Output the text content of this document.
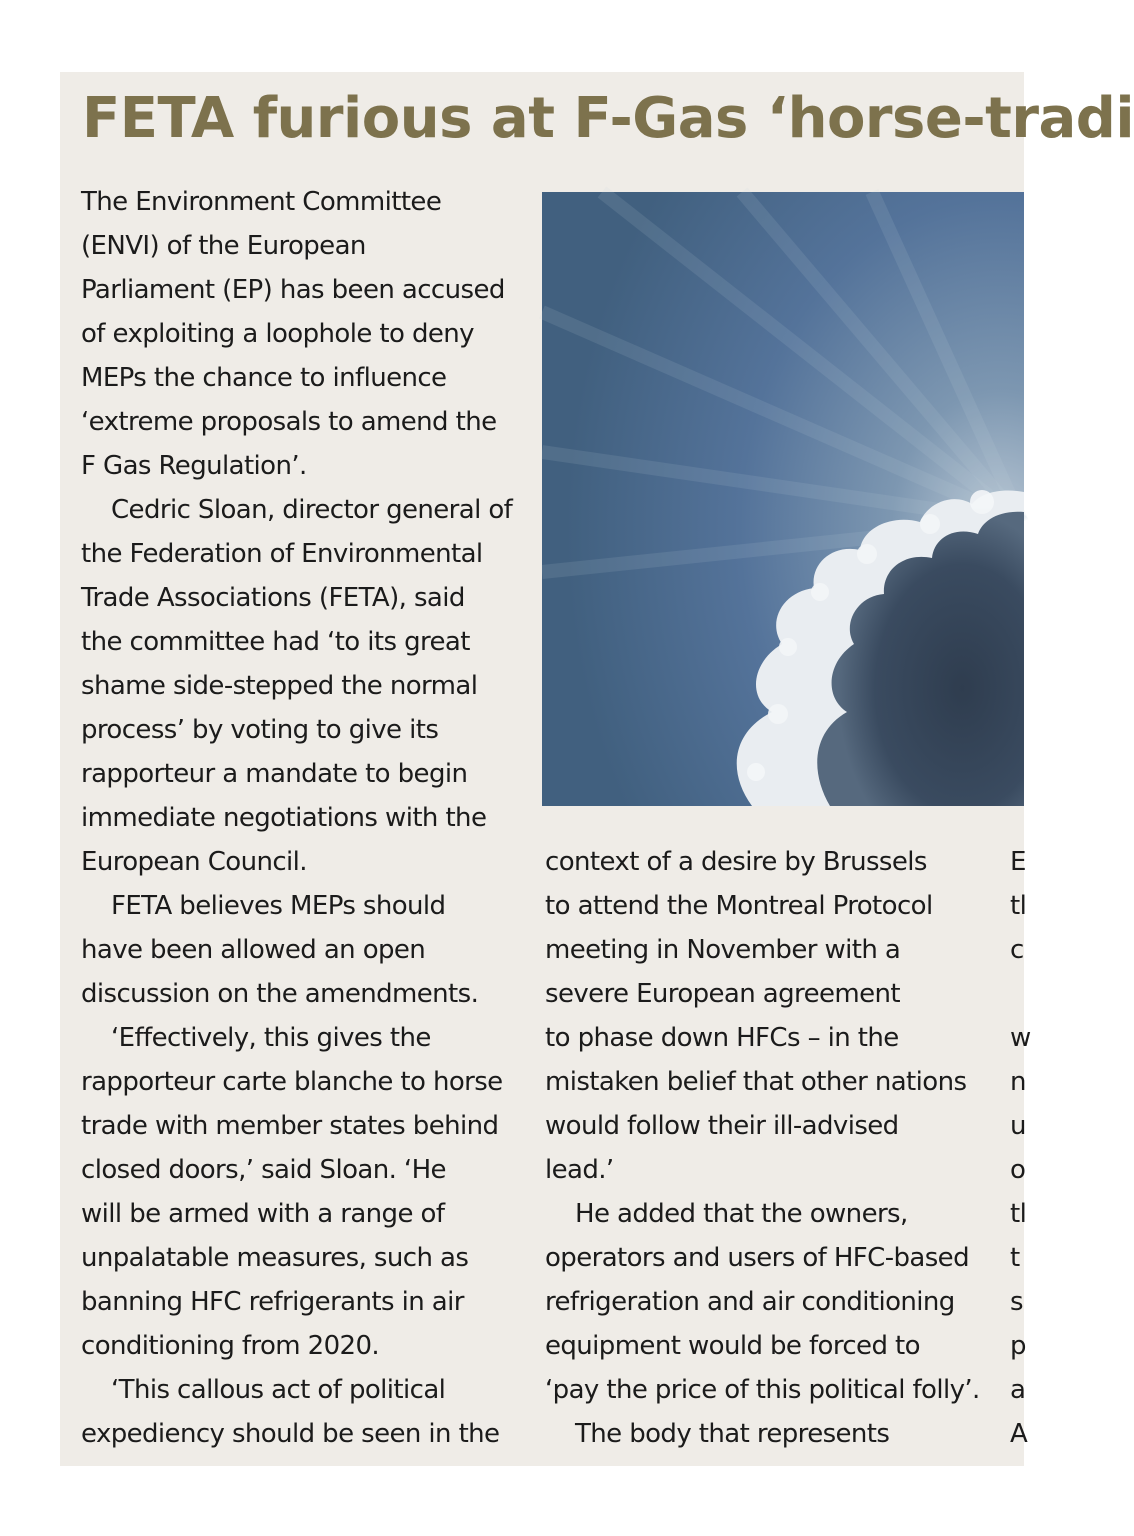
FETA furious at F-Gas ‘horse-tradi
The Environment Committee
(ENVI) of the European
Parliament (EP) has been accused
of exploiting a loophole to deny
MEPs the chance to influence
‘extreme proposals to amend the
F Gas Regulation’.
Cedric Sloan, director general of
the Federation of Environmental
Trade Associations (FETA), said
the committee had ‘to its great
shame side-stepped the normal
process’ by voting to give its
rapporteur a mandate to begin
immediate negotiations with the
European Council.
FETA believes MEPs should
have been allowed an open
discussion on the amendments.
‘Effectively, this gives the
rapporteur carte blanche to horse
trade with member states behind
closed doors,’ said Sloan. ‘He
will be armed with a range of
unpalatable measures, such as
banning HFC refrigerants in air
conditioning from 2020.
‘This callous act of political
expediency should be seen in the
context of a desire by Brussels
to attend the Montreal Protocol
meeting in November with a
severe European agreement
to phase down HFCs – in the
mistaken belief that other nations
would follow their ill-advised
lead.’
He added that the owners,
operators and users of HFC-based
refrigeration and air conditioning
equipment would be forced to
‘pay the price of this political folly’.
The body that represents
E
tl
c
w
n
u
o
tl
t
s
p
a
A
